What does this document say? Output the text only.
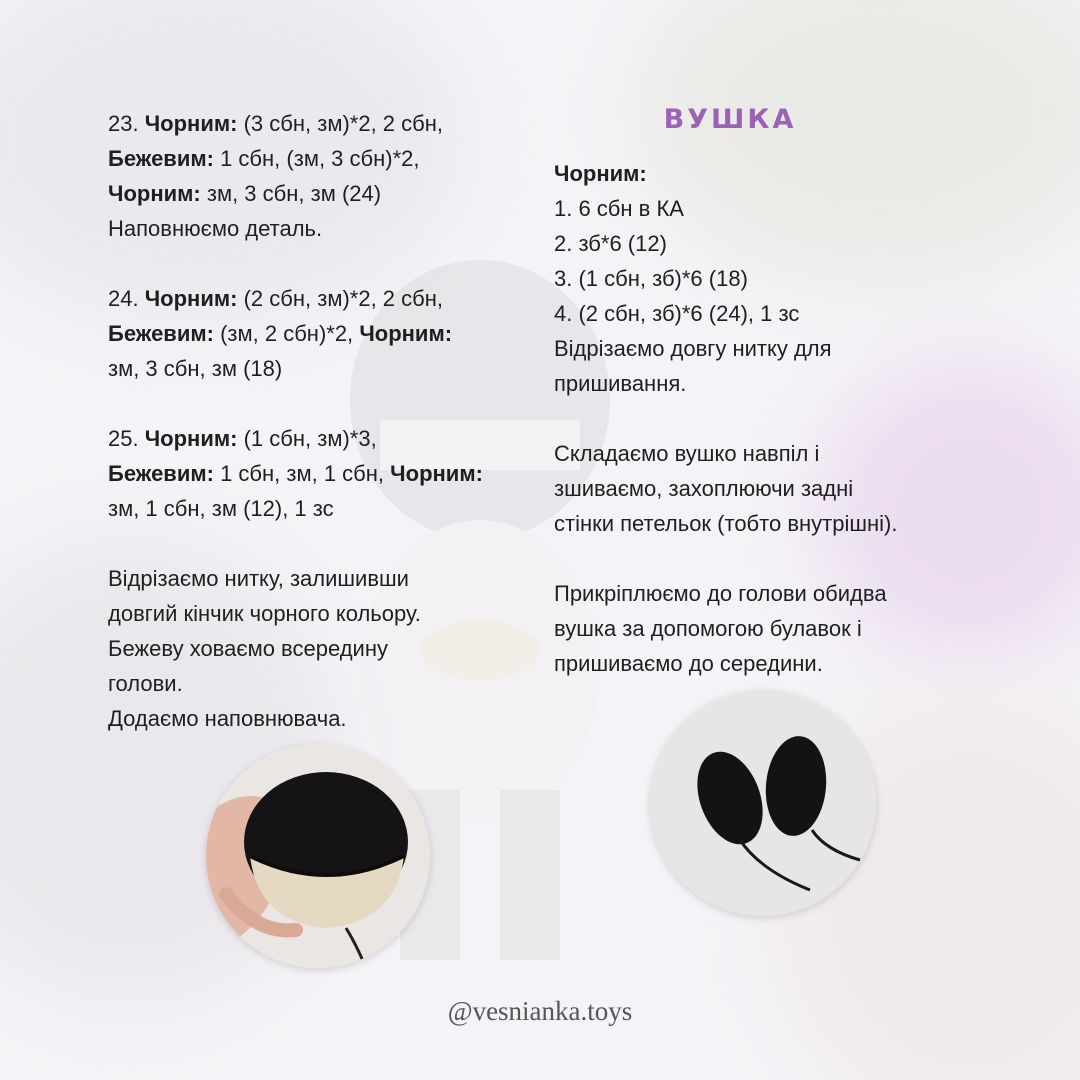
23. Чорним: (3 сбн, зм)*2, 2 сбн,
Бежевим: 1 сбн, (зм, 3 сбн)*2,
Чорним: зм, 3 сбн, зм (24)
Наповнюємо деталь.

24. Чорним: (2 сбн, зм)*2, 2 сбн,
Бежевим: (зм, 2 сбн)*2, Чорним:
зм, 3 сбн, зм (18)

25. Чорним: (1 сбн, зм)*3,
Бежевим: 1 сбн, зм, 1 сбн, Чорним:
зм, 1 сбн, зм (12), 1 зс

Відрізаємо нитку, залишивши
довгий кінчик чорного кольору.
Бежеву ховаємо всередину
голови.
Додаємо наповнювача.

ВУШКА

Чорним:
1. 6 сбн в КА
2. зб*6 (12)
3. (1 сбн, зб)*6 (18)
4. (2 сбн, зб)*6 (24), 1 зс
Відрізаємо довгу нитку для
пришивання.

Складаємо вушко навпіл і
зшиваємо, захоплюючи задні
стінки петельок (тобто внутрішні).

Прикріплюємо до голови обидва
вушка за допомогою булавок і
пришиваємо до середини.

@vesnianka.toys
